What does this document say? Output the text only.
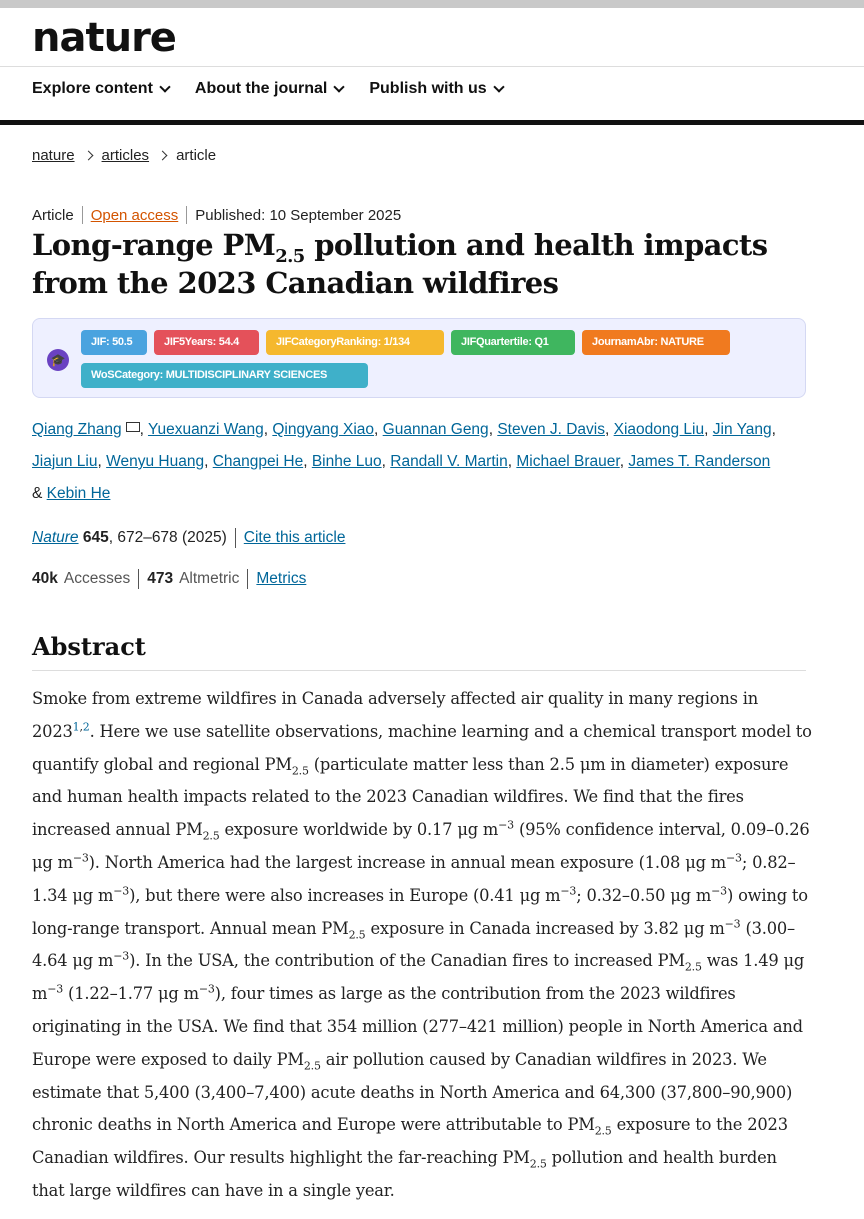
nature
Explore content	About the journal	Publish with us
nature articles article
Article Open access Published: 10 September 2025
Long-range $PM_{2.5}$ pollution and health impacts from the 2023 Canadian wildfires
🎓
JIF: 50.5	JIF5Years: 54.4	JIFCategoryRanking: 1/134	JIFQuartertile: Q1	JournamAbr: NATURE
WoSCategory: MULTIDISCIPLINARY SCIENCES
Qiang Zhang , Yuexuanzi Wang, Qingyang Xiao, Guannan Geng, Steven J. Davis, Xiaodong Liu, Jin Yang,
Jiajun Liu, Wenyu Huang, Changpei He, Binhe Luo, Randall V. Martin, Michael Brauer, James T. Randerson
& Kebin He
Nature
645 , 672–678 (2025) Cite this article
40k Accesses 473 Altmetric Metrics
Abstract
Smoke from extreme wildfires in Canada adversely affected air quality in many regions in 2023$^{1,2}$. Here we use satellite observations, machine learning and a chemical transport model to quantify global and regional $PM_{2.5}$ (particulate matter less than 2.5 μm in diameter) exposure and human health impacts related to the 2023 Canadian wildfires. We find that the fires increased annual $PM_{2.5}$ exposure worldwide by 0.17 μg $m^{-3}$ (95% confidence interval, 0.09–0.26 μg $m^{-3}$). North America had the largest increase in annual mean exposure (1.08 μg $m^{-3}$; 0.82–1.34 μg $m^{-3}$), but there were also increases in Europe (0.41 μg $m^{-3}$; 0.32–0.50 μg $m^{-3}$) owing to long-range transport. Annual mean $PM_{2.5}$ exposure in Canada increased by 3.82 μg $m^{-3}$ (3.00–4.64 μg $m^{-3}$). In the USA, the contribution of the Canadian fires to increased $PM_{2.5}$ was 1.49 μg $m^{-3}$ (1.22–1.77 μg $m^{-3}$), four times as large as the contribution from the 2023 wildfires originating in the USA. We find that 354 million (277–421 million) people in North America and Europe were exposed to daily $PM_{2.5}$ air pollution caused by Canadian wildfires in 2023. We estimate that 5,400 (3,400–7,400) acute deaths in North America and 64,300 (37,800–90,900) chronic deaths in North America and Europe were attributable to $PM_{2.5}$ exposure to the 2023 Canadian wildfires. Our results highlight the far-reaching $PM_{2.5}$ pollution and health burden that large wildfires can have in a single year.
